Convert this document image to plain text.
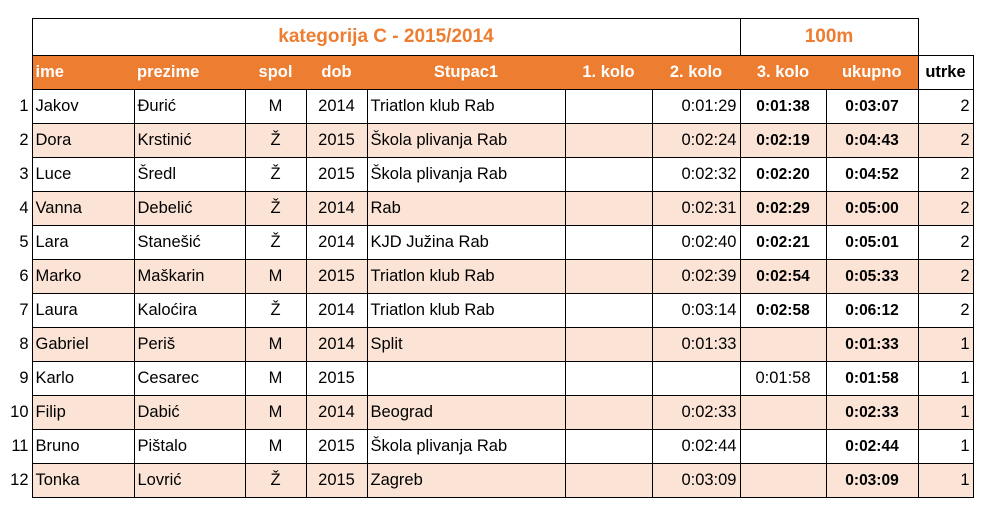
	kategorija C - 2015/2014							100m		
	ime	prezime	spol	dob	Stupac1	1. kolo	2. kolo	3. kolo	ukupno	utrke
1	Jakov	Đurić	M	2014	Triatlon klub Rab		0:01:29	0:01:38	0:03:07	2
2	Dora	Krstinić	Ž	2015	Škola plivanja Rab		0:02:24	0:02:19	0:04:43	2
3	Luce	Šredl	Ž	2015	Škola plivanja Rab		0:02:32	0:02:20	0:04:52	2
4	Vanna	Debelić	Ž	2014	Rab		0:02:31	0:02:29	0:05:00	2
5	Lara	Stanešić	Ž	2014	KJD Južina Rab		0:02:40	0:02:21	0:05:01	2
6	Marko	Maškarin	M	2015	Triatlon klub Rab		0:02:39	0:02:54	0:05:33	2
7	Laura	Kaloćira	Ž	2014	Triatlon klub Rab		0:03:14	0:02:58	0:06:12	2
8	Gabriel	Periš	M	2014	Split		0:01:33		0:01:33	1
9	Karlo	Cesarec	M	2015				0:01:58	0:01:58	1
10	Filip	Dabić	M	2014	Beograd		0:02:33		0:02:33	1
11	Bruno	Pištalo	M	2015	Škola plivanja Rab		0:02:44		0:02:44	1
12	Tonka	Lovrić	Ž	2015	Zagreb		0:03:09		0:03:09	1
